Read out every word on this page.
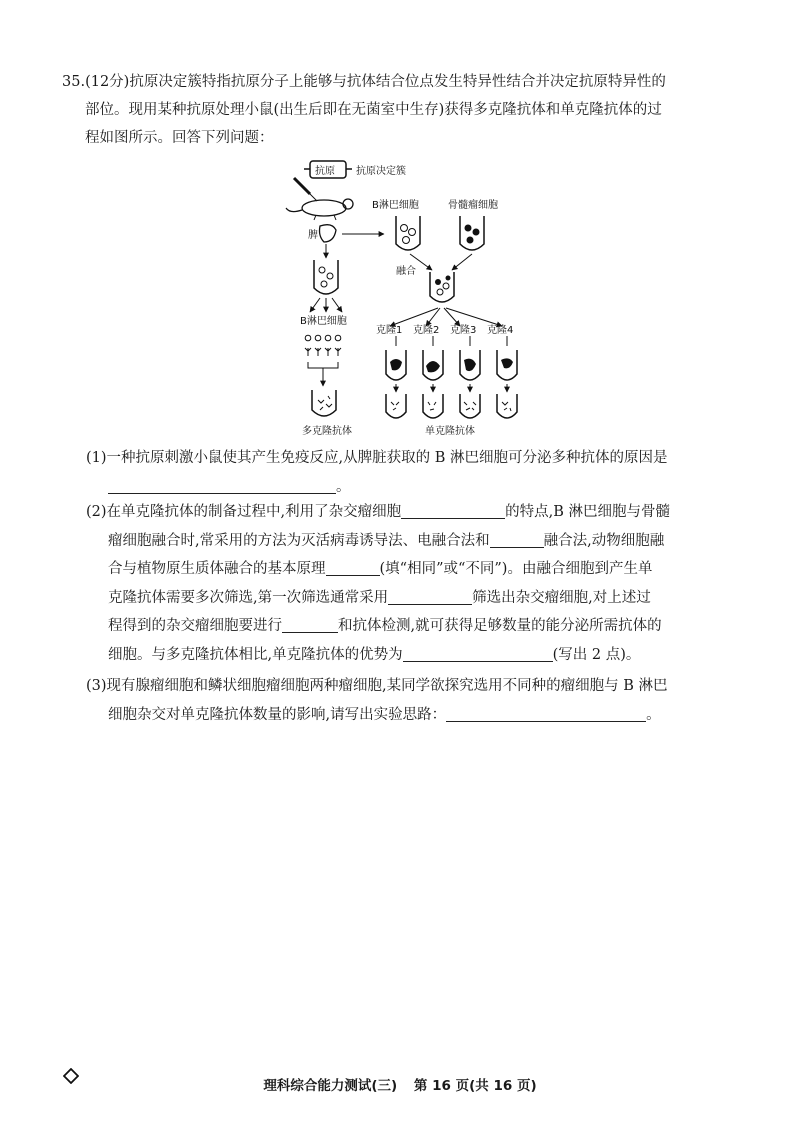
35.(12分)抗原决定簇特指抗原分子上能够与抗体结合位点发生特异性结合并决定抗原特异性的

部位。现用某种抗原处理小鼠(出生后即在无菌室中生存)获得多克隆抗体和单克隆抗体的过

程如图所示。回答下列问题：

抗原 抗原决定簇
脾
B淋巴细胞	骨髓瘤细胞
融合
B淋巴细胞
多克隆抗体
克隆1 克隆2 克隆3 克隆4
单克隆抗体

(1)一种抗原刺激小鼠使其产生免疫反应,从脾脏获取的 B 淋巴细胞可分泌多种抗体的原因是

。

(2)在单克隆抗体的制备过程中,利用了杂交瘤细胞	的特点,B 淋巴细胞与骨髓

瘤细胞融合时,常采用的方法为灭活病毒诱导法、电融合法和	融合法,动物细胞融

合与植物原生质体融合的基本原理	(填“相同”或“不同”)。由融合细胞到产生单

克隆抗体需要多次筛选,第一次筛选通常采用	筛选出杂交瘤细胞,对上述过

程得到的杂交瘤细胞要进行	和抗体检测,就可获得足够数量的能分泌所需抗体的

细胞。与多克隆抗体相比,单克隆抗体的优势为	(写出 2 点)。

(3)现有腺瘤细胞和鳞状细胞瘤细胞两种瘤细胞,某同学欲探究选用不同种的瘤细胞与 B 淋巴

细胞杂交对单克隆抗体数量的影响,请写出实验思路：	。

理科综合能力测试(三) 第 16 页(共 16 页)
